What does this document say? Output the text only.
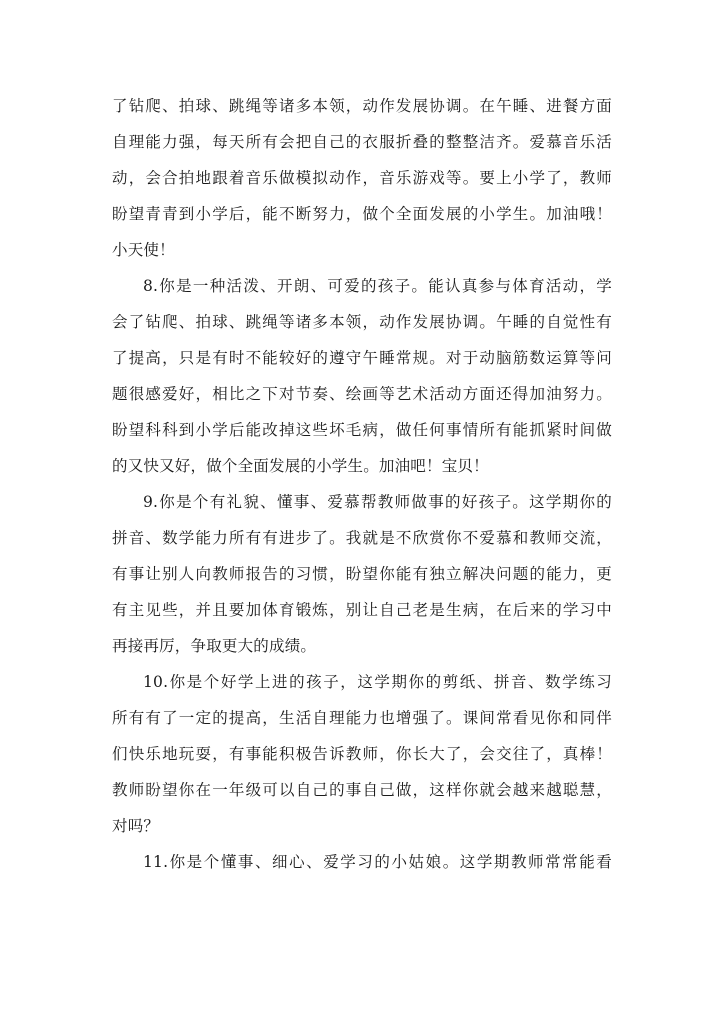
了钻爬、拍球、跳绳等诸多本领，动作发展协调。在午睡、进餐方面
自理能力强，每天所有会把自己的衣服折叠的整整洁齐。爱慕音乐活
动，会合拍地跟着音乐做模拟动作，音乐游戏等。要上小学了，教师
盼望青青到小学后，能不断努力，做个全面发展的小学生。加油哦！
小天使！
8.你是一种活泼、开朗、可爱的孩子。能认真参与体育活动，学
会了钻爬、拍球、跳绳等诸多本领，动作发展协调。午睡的自觉性有
了提高，只是有时不能较好的遵守午睡常规。对于动脑筋数运算等问
题很感爱好，相比之下对节奏、绘画等艺术活动方面还得加油努力。
盼望科科到小学后能改掉这些坏毛病，做任何事情所有能抓紧时间做
的又快又好，做个全面发展的小学生。加油吧！宝贝！
9.你是个有礼貌、懂事、爱慕帮教师做事的好孩子。这学期你的
拼音、数学能力所有有进步了。我就是不欣赏你不爱慕和教师交流，
有事让别人向教师报告的习惯，盼望你能有独立解决问题的能力，更
有主见些，并且要加体育锻炼，别让自己老是生病，在后来的学习中
再接再厉，争取更大的成绩。
10.你是个好学上进的孩子，这学期你的剪纸、拼音、数学练习
所有有了一定的提高，生活自理能力也增强了。课间常看见你和同伴
们快乐地玩耍，有事能积极告诉教师，你长大了，会交往了，真棒！
教师盼望你在一年级可以自己的事自己做，这样你就会越来越聪慧，
对吗？
11.你是个懂事、细心、爱学习的小姑娘。这学期教师常常能看
